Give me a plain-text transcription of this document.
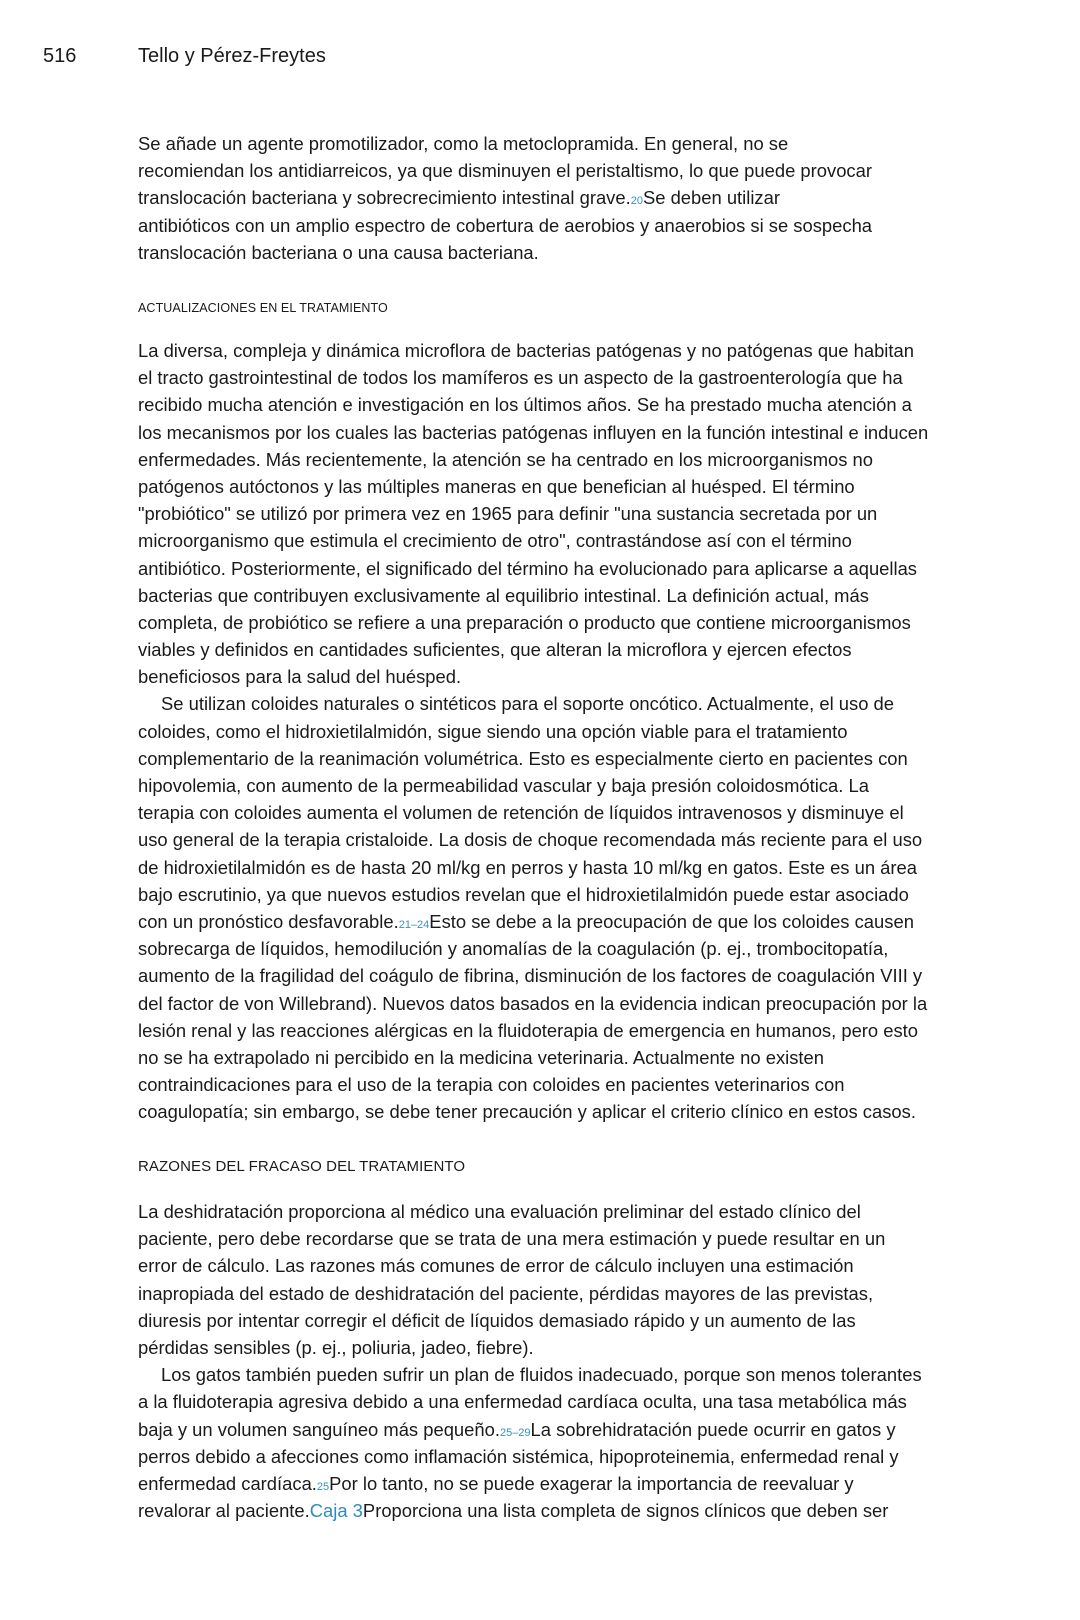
516	Tello y Pérez-Freytes
Se añade un agente promotilizador, como la metoclopramida. En general, no se
recomiendan los antidiarreicos, ya que disminuyen el peristaltismo, lo que puede provocar
translocación bacteriana y sobrecrecimiento intestinal grave.20Se deben utilizar
antibióticos con un amplio espectro de cobertura de aerobios y anaerobios si se sospecha
translocación bacteriana o una causa bacteriana.
ACTUALIZACIONES EN EL TRATAMIENTO
La diversa, compleja y dinámica microflora de bacterias patógenas y no patógenas que habitan
el tracto gastrointestinal de todos los mamíferos es un aspecto de la gastroenterología que ha
recibido mucha atención e investigación en los últimos años. Se ha prestado mucha atención a
los mecanismos por los cuales las bacterias patógenas influyen en la función intestinal e inducen
enfermedades. Más recientemente, la atención se ha centrado en los microorganismos no
patógenos autóctonos y las múltiples maneras en que benefician al huésped. El término
"probiótico" se utilizó por primera vez en 1965 para definir "una sustancia secretada por un
microorganismo que estimula el crecimiento de otro", contrastándose así con el término
antibiótico. Posteriormente, el significado del término ha evolucionado para aplicarse a aquellas
bacterias que contribuyen exclusivamente al equilibrio intestinal. La definición actual, más
completa, de probiótico se refiere a una preparación o producto que contiene microorganismos
viables y definidos en cantidades suficientes, que alteran la microflora y ejercen efectos
beneficiosos para la salud del huésped.
Se utilizan coloides naturales o sintéticos para el soporte oncótico. Actualmente, el uso de
coloides, como el hidroxietilalmidón, sigue siendo una opción viable para el tratamiento
complementario de la reanimación volumétrica. Esto es especialmente cierto en pacientes con
hipovolemia, con aumento de la permeabilidad vascular y baja presión coloidosmótica. La
terapia con coloides aumenta el volumen de retención de líquidos intravenosos y disminuye el
uso general de la terapia cristaloide. La dosis de choque recomendada más reciente para el uso
de hidroxietilalmidón es de hasta 20 ml/kg en perros y hasta 10 ml/kg en gatos. Este es un área
bajo escrutinio, ya que nuevos estudios revelan que el hidroxietilalmidón puede estar asociado
con un pronóstico desfavorable.21–24Esto se debe a la preocupación de que los coloides causen
sobrecarga de líquidos, hemodilución y anomalías de la coagulación (p. ej., trombocitopatía,
aumento de la fragilidad del coágulo de fibrina, disminución de los factores de coagulación VIII y
del factor de von Willebrand). Nuevos datos basados en la evidencia indican preocupación por la
lesión renal y las reacciones alérgicas en la fluidoterapia de emergencia en humanos, pero esto
no se ha extrapolado ni percibido en la medicina veterinaria. Actualmente no existen
contraindicaciones para el uso de la terapia con coloides en pacientes veterinarios con
coagulopatía; sin embargo, se debe tener precaución y aplicar el criterio clínico en estos casos.
RAZONES DEL FRACASO DEL TRATAMIENTO
La deshidratación proporciona al médico una evaluación preliminar del estado clínico del
paciente, pero debe recordarse que se trata de una mera estimación y puede resultar en un
error de cálculo. Las razones más comunes de error de cálculo incluyen una estimación
inapropiada del estado de deshidratación del paciente, pérdidas mayores de las previstas,
diuresis por intentar corregir el déficit de líquidos demasiado rápido y un aumento de las
pérdidas sensibles (p. ej., poliuria, jadeo, fiebre).
Los gatos también pueden sufrir un plan de fluidos inadecuado, porque son menos tolerantes
a la fluidoterapia agresiva debido a una enfermedad cardíaca oculta, una tasa metabólica más
baja y un volumen sanguíneo más pequeño.25–29La sobrehidratación puede ocurrir en gatos y
perros debido a afecciones como inflamación sistémica, hipoproteinemia, enfermedad renal y
enfermedad cardíaca.25Por lo tanto, no se puede exagerar la importancia de reevaluar y
revalorar al paciente.Caja 3Proporciona una lista completa de signos clínicos que deben ser
